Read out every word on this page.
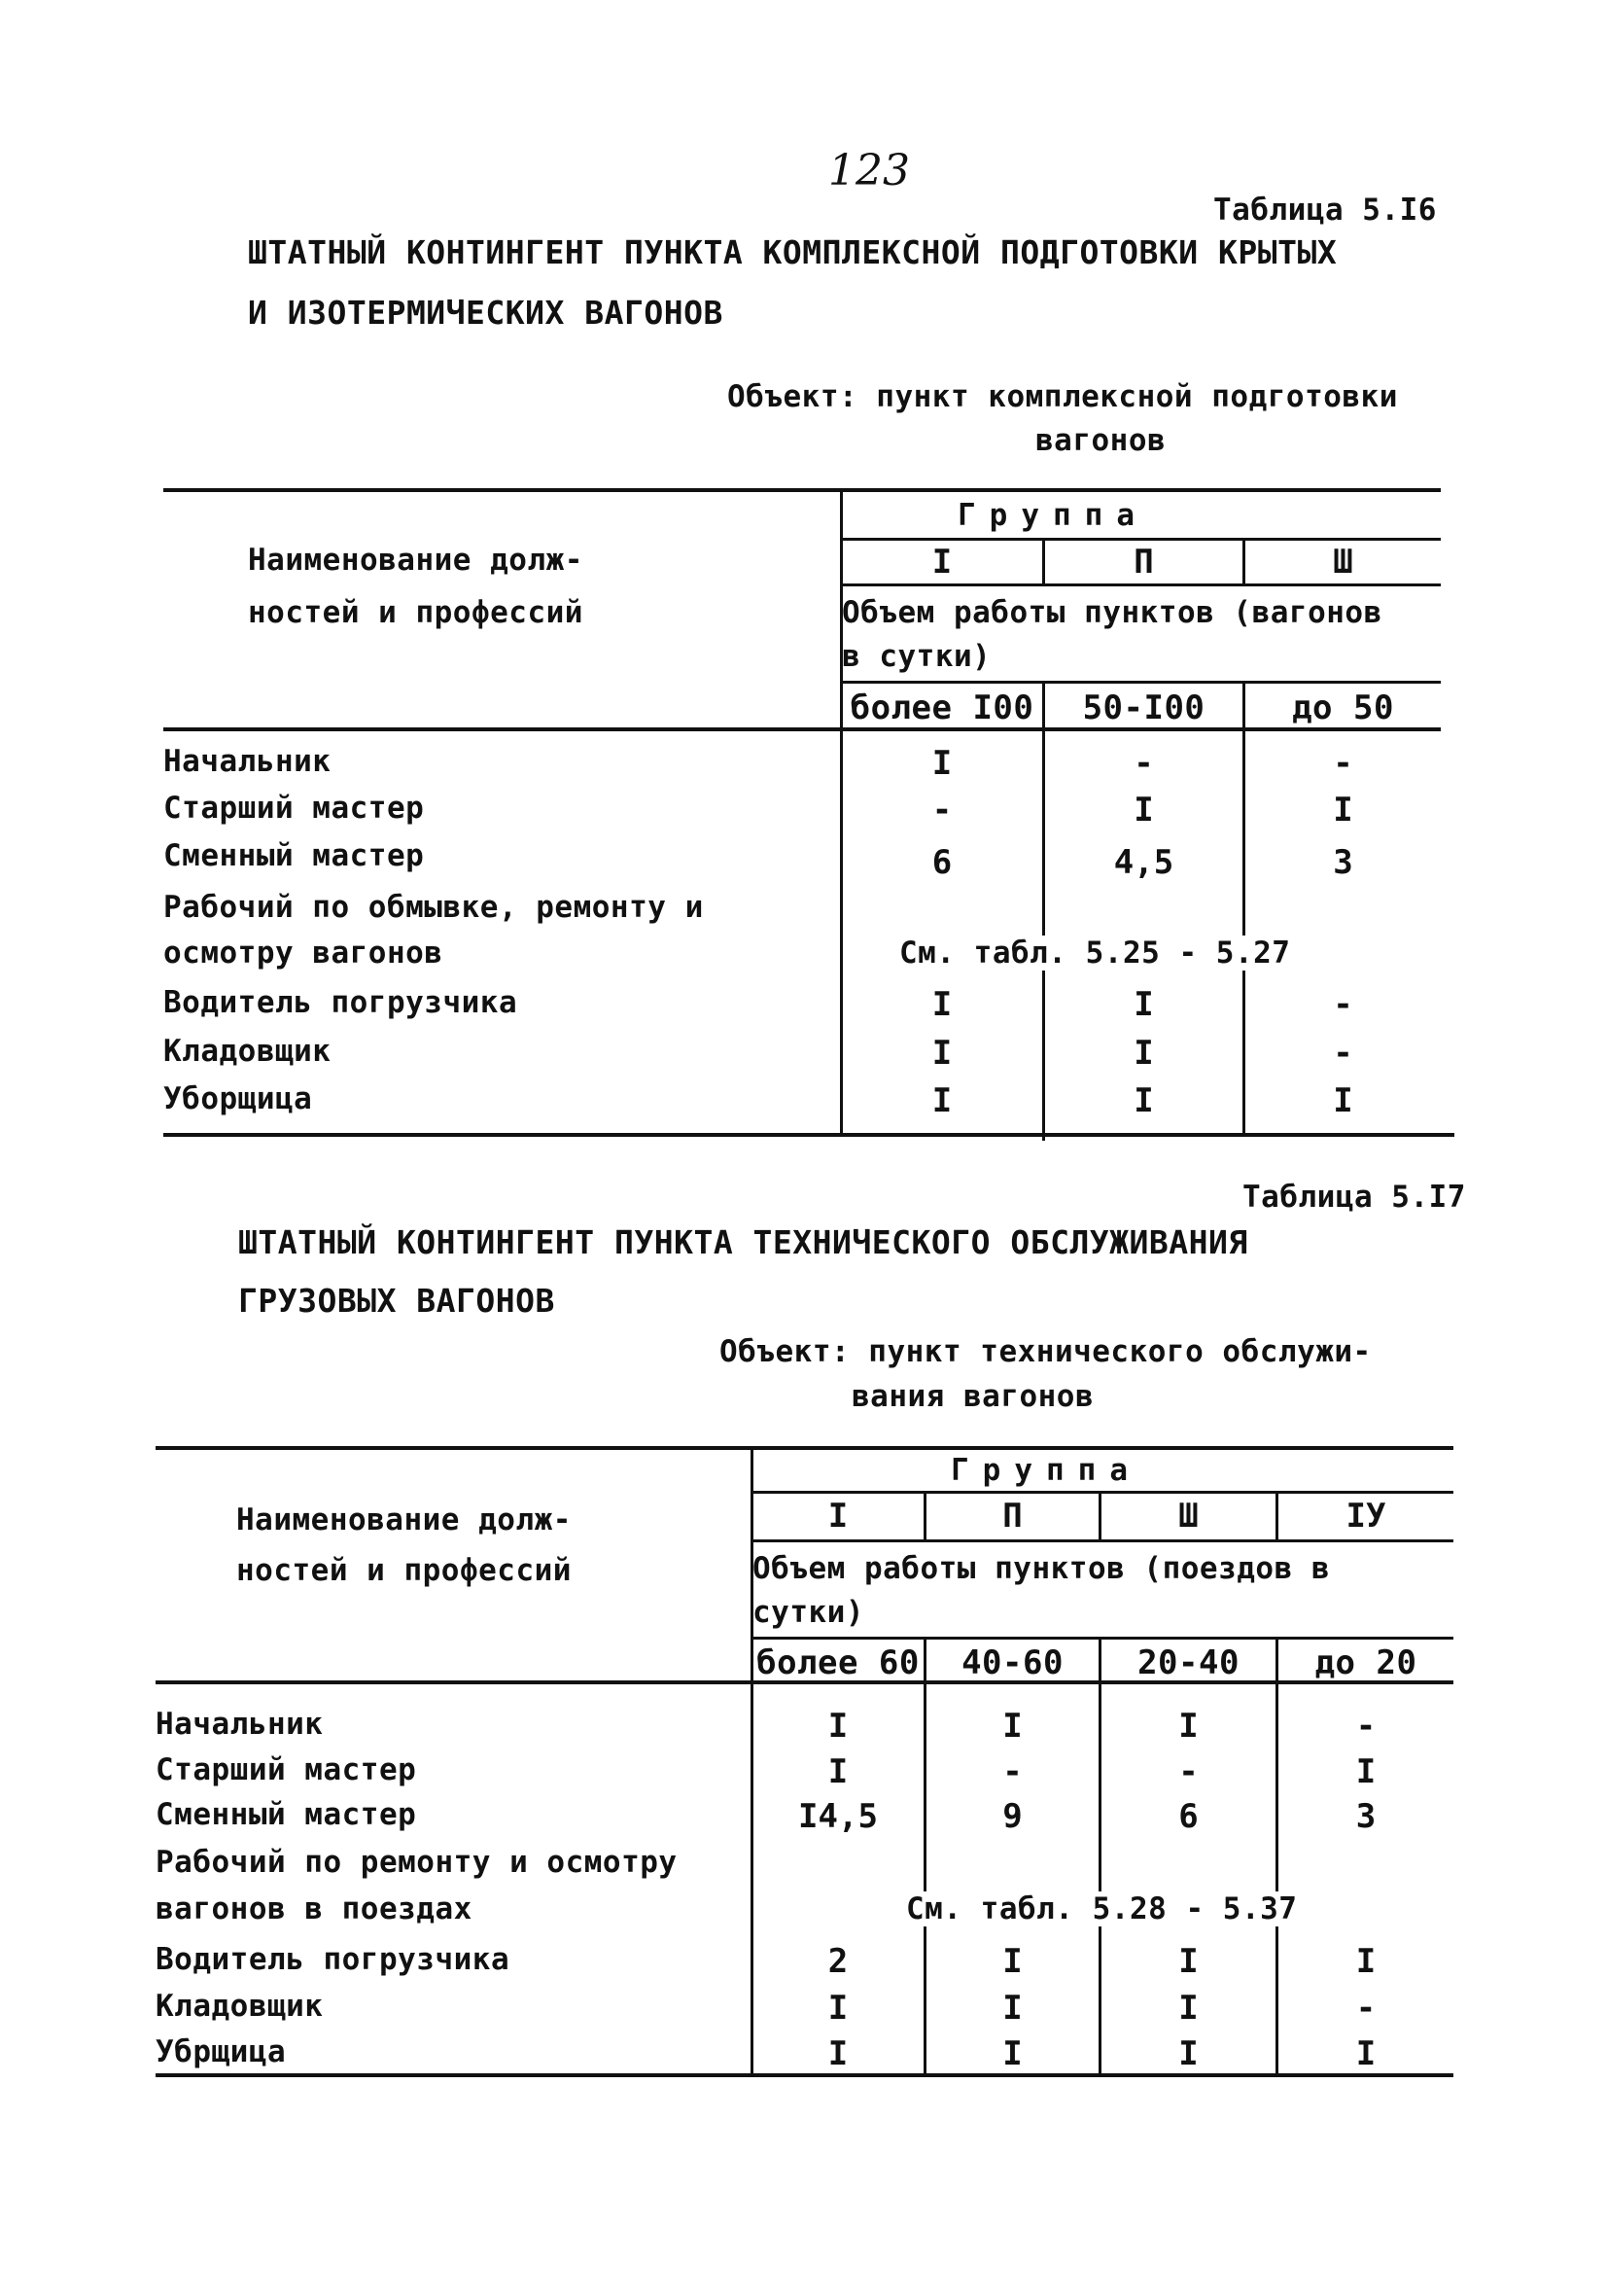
123
Таблица 5.I6
ШТАТНЫЙ КОНТИНГЕНТ ПУНКТА КОМПЛЕКСНОЙ ПОДГОТОВКИ КРЫТЫХ
И ИЗОТЕРМИЧЕСКИХ ВАГОНОВ
Объект: пункт комплексной подготовки
вагонов
Наименование долж-
ностей и профессий
Группа
I	П	Ш
Объем работы пунктов (вагонов
в сутки)
более I00	50-I00	до 50
Начальник	I	-	-
Старший мастер	-	I	I
Сменный мастер	6	4,5	3
Рабочий по обмывке, ремонту и
осмотру вагонов	См. табл. 5.25 - 5.27
Водитель погрузчика	I	I	-
Кладовщик	I	I	-
Уборщица	I	I	I
Таблица 5.I7
ШТАТНЫЙ КОНТИНГЕНТ ПУНКТА ТЕХНИЧЕСКОГО ОБСЛУЖИВАНИЯ
ГРУЗОВЫХ ВАГОНОВ
Объект: пункт технического обслужи-
вания вагонов
Наименование долж-
ностей и профессий
Группа
I	П	Ш	IУ
Объем работы пунктов (поездов в
сутки)
более 60	40-60	20-40	до 20
Начальник	I	I	I	-
Старший мастер	I	-	-	I
Сменный мастер	I4,5	9	6	3
Рабочий по ремонту и осмотру
вагонов в поездах	См. табл. 5.28 - 5.37
Водитель погрузчика	2	I	I	I
Кладовщик	I	I	I	-
Убрщица	I	I	I	I
